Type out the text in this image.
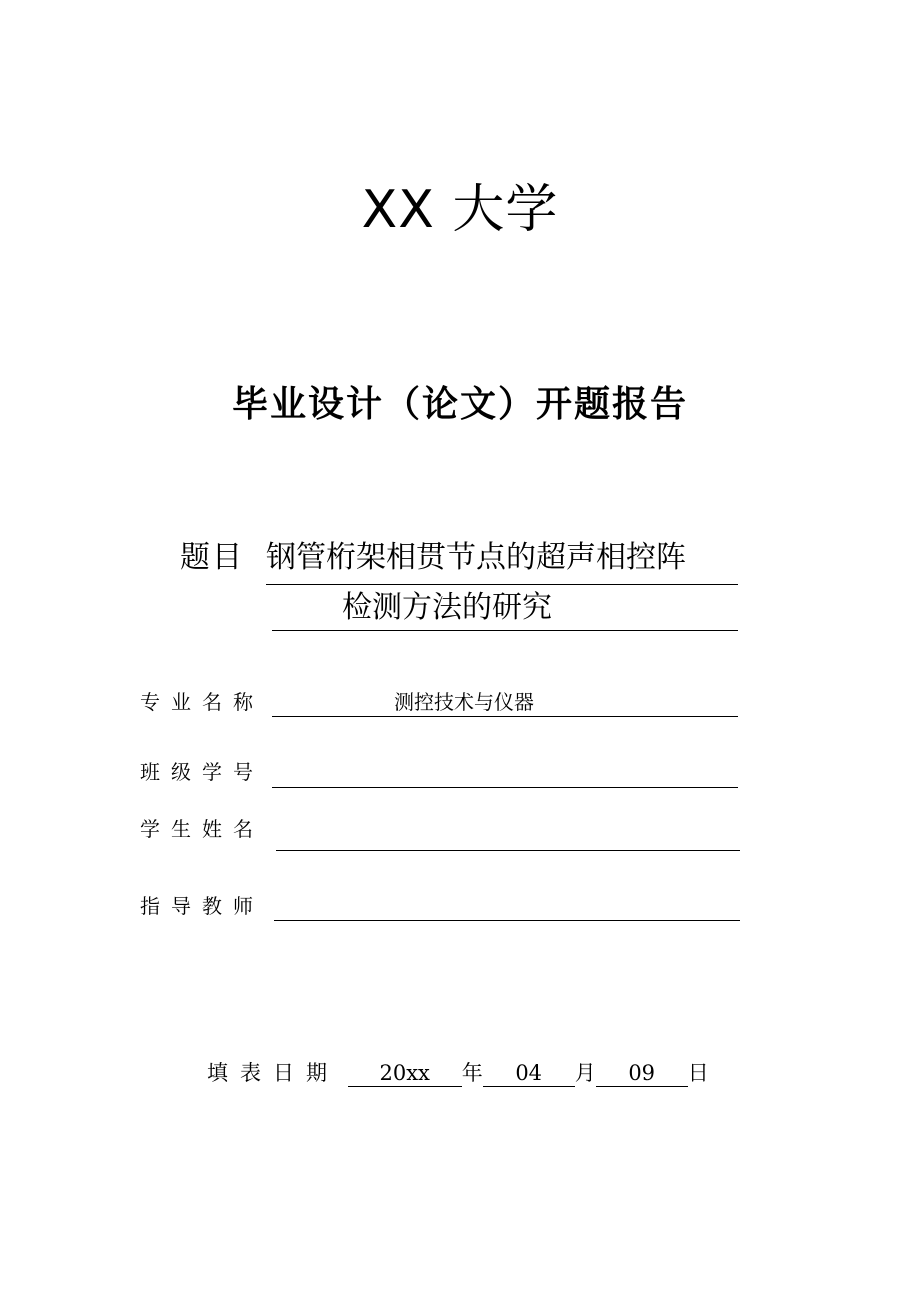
XX 大学
毕业设计（论文）开题报告
题目 钢管桁架相贯节点的超声相控阵
检测方法的研究
专业名称	测控技术与仪器
班级学号
学生姓名
指导教师
填表日期 20xx 年 04 月 09 日
